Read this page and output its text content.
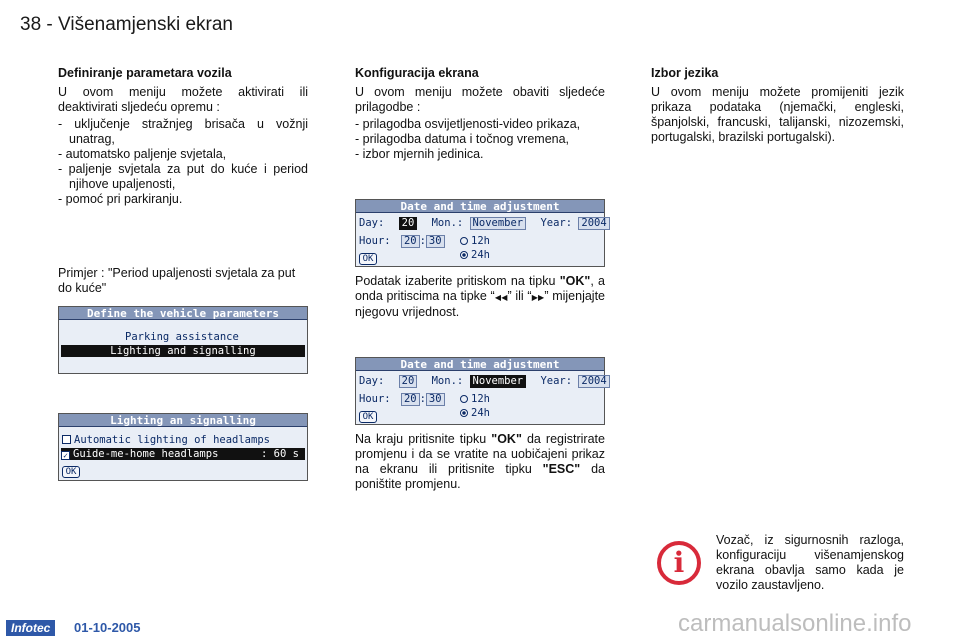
38 - Višenamjenski ekran
Definiranje parametara vozila

U ovom meniju možete aktivirati ili deaktivirati sljedeću opremu :

- uključenje stražnjeg brisača u vožnji unatrag,
- automatsko paljenje svjetala,
- paljenje svjetala za put do kuće i period njihove upaljenosti,
- pomoć pri parkiranju.
Primjer : "Period upaljenosti svjetala za put do kuće"
Define the vehicle parameters
Parking assistance
Lighting and signalling
Lighting an signalling
Automatic lighting of headlamps
✓ Guide-me-home headlamps	: 60 s
OK
Konfiguracija ekrana

U ovom meniju možete obaviti sljedeće prilagodbe :

- prilagodba osvijetljenosti-video prikaza,
- prilagodba datuma i točnog vremena,
- izbor mjernih jedinica.
Date and time adjustment
Day: 20 Mon.: November Year: 2004
Hour: 20 : 30	12h
24h
OK
Podatak izaberite pritiskom na tipku "OK", a onda pritiscima na tipke “◀◀” ili “▶▶” mijenjajte njegovu vrijednost.
Date and time adjustment
Day: 20 Mon.: November Year: 2004
Hour: 20 : 30	12h
24h
OK
Na kraju pritisnite tipku "OK" da registrirate promjenu i da se vratite na uobičajeni prikaz na ekranu ili pritisnite tipku "ESC" da poništite promjenu.
Izbor jezika

U ovom meniju možete promijeniti jezik prikaza podataka (njemački, engleski, španjolski, francuski, talijanski, nizozemski, portugalski, brazilski portugalski).

i
Vozač, iz sigurnosnih razloga, konfiguraciju višenamjenskog ekrana obavlja samo kada je vozilo zaustavljeno.
Infotec	01-10-2005	carmanualsonline.info
